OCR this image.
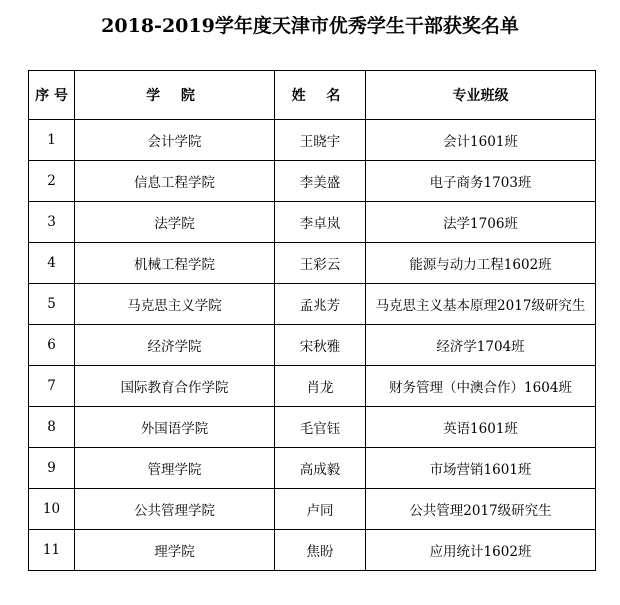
2018-2019学年度天津市优秀学生干部获奖名单
序 号	学 院	姓 名	专业班级
1	会计学院	王晓宇	会计1601班
2	信息工程学院	李美盛	电子商务1703班
3	法学院	李卓岚	法学1706班
4	机械工程学院	王彩云	能源与动力工程1602班
5	马克思主义学院	孟兆芳	马克思主义基本原理2017级研究生
6	经济学院	宋秋雅	经济学1704班
7	国际教育合作学院	肖龙	财务管理（中澳合作）1604班
8	外国语学院	毛官钰	英语1601班
9	管理学院	高成毅	市场营销1601班
10	公共管理学院	卢同	公共管理2017级研究生
11	理学院	焦盼	应用统计1602班
